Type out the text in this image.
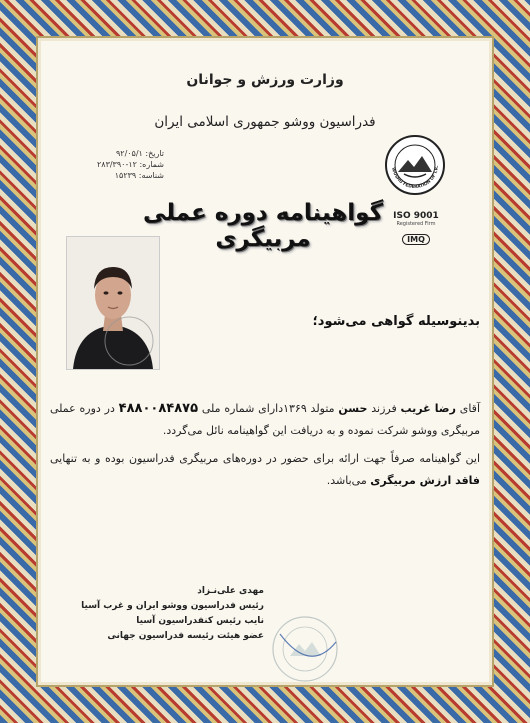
وزارت ورزش و جوانان
فدراسیون ووشو جمهوری اسلامی ایران
تاریخ: ۹۲/۰۵/۱
شماره: ۱۲-۲۸۳/۳۹۰
شناسه: ۱۵۲۳۹
گواهینامه دوره عملی مربیگری
WUSHU FEDERATION OF I.R.
ISO 9001
Registered Firm
IMQ
بدینوسیله گواهی می‌شود؛

آقای رضا غریب فرزند حسن متولد ۱۳۶۹دارای شماره ملی ۴۸۸۰۰۸۴۸۷۵ در دوره عملی مربیگری ووشو شرکت نموده و به دریافت این گواهینامه نائل می‌گردد.

این گواهینامه صرفاً جهت ارائه برای حضور در دوره‌های مربیگری فدراسیون بوده و به تنهایی فاقد ارزش مربیگری می‌باشد.

مهدی علی‌نـزاد
رئیس فدراسیون ووشو ایران و غرب آسیا
نایب رئیس کنفدراسیون آسیا
عضو هیئت رئیسه فدراسیون جهانی
